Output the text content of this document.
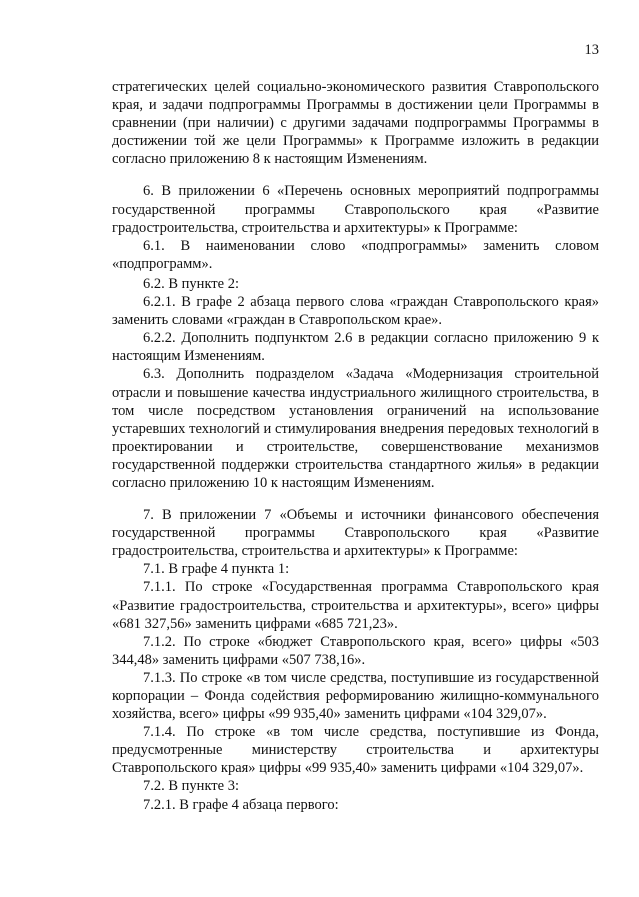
13

стратегических целей социально-экономического развития Ставропольского края, и задачи подпрограммы Программы в достижении цели Программы в сравнении (при наличии) с другими задачами подпрограммы Программы в достижении той же цели Программы» к Программе изложить в редакции согласно приложению 8 к настоящим Изменениям.

6. В приложении 6 «Перечень основных мероприятий подпрограммы государственной программы Ставропольского края «Развитие градостроительства, строительства и архитектуры» к Программе:

6.1. В наименовании слово «подпрограммы» заменить словом «подпрограмм».

6.2. В пункте 2:

6.2.1. В графе 2 абзаца первого слова «граждан Ставропольского края» заменить словами «граждан в Ставропольском крае».

6.2.2. Дополнить подпунктом 2.6 в редакции согласно приложению 9 к настоящим Изменениям.

6.3. Дополнить подразделом «Задача «Модернизация строительной отрасли и повышение качества индустриального жилищного строительства, в том числе посредством установления ограничений на использование устаревших технологий и стимулирования внедрения передовых технологий в проектировании и строительстве, совершенствование механизмов государственной поддержки строительства стандартного жилья» в редакции согласно приложению 10 к настоящим Изменениям.

7. В приложении 7 «Объемы и источники финансового обеспечения государственной программы Ставропольского края «Развитие градостроительства, строительства и архитектуры» к Программе:

7.1. В графе 4 пункта 1:

7.1.1. По строке «Государственная программа Ставропольского края «Развитие градостроительства, строительства и архитектуры», всего» цифры «681 327,56» заменить цифрами «685 721,23».

7.1.2. По строке «бюджет Ставропольского края, всего» цифры «503 344,48» заменить цифрами «507 738,16».

7.1.3. По строке «в том числе средства, поступившие из государственной корпорации – Фонда содействия реформированию жилищно-коммунального хозяйства, всего» цифры «99 935,40» заменить цифрами «104 329,07».

7.1.4. По строке «в том числе средства, поступившие из Фонда, предусмотренные министерству строительства и архитектуры Ставропольского края» цифры «99 935,40» заменить цифрами «104 329,07».

7.2. В пункте 3:

7.2.1. В графе 4 абзаца первого:
